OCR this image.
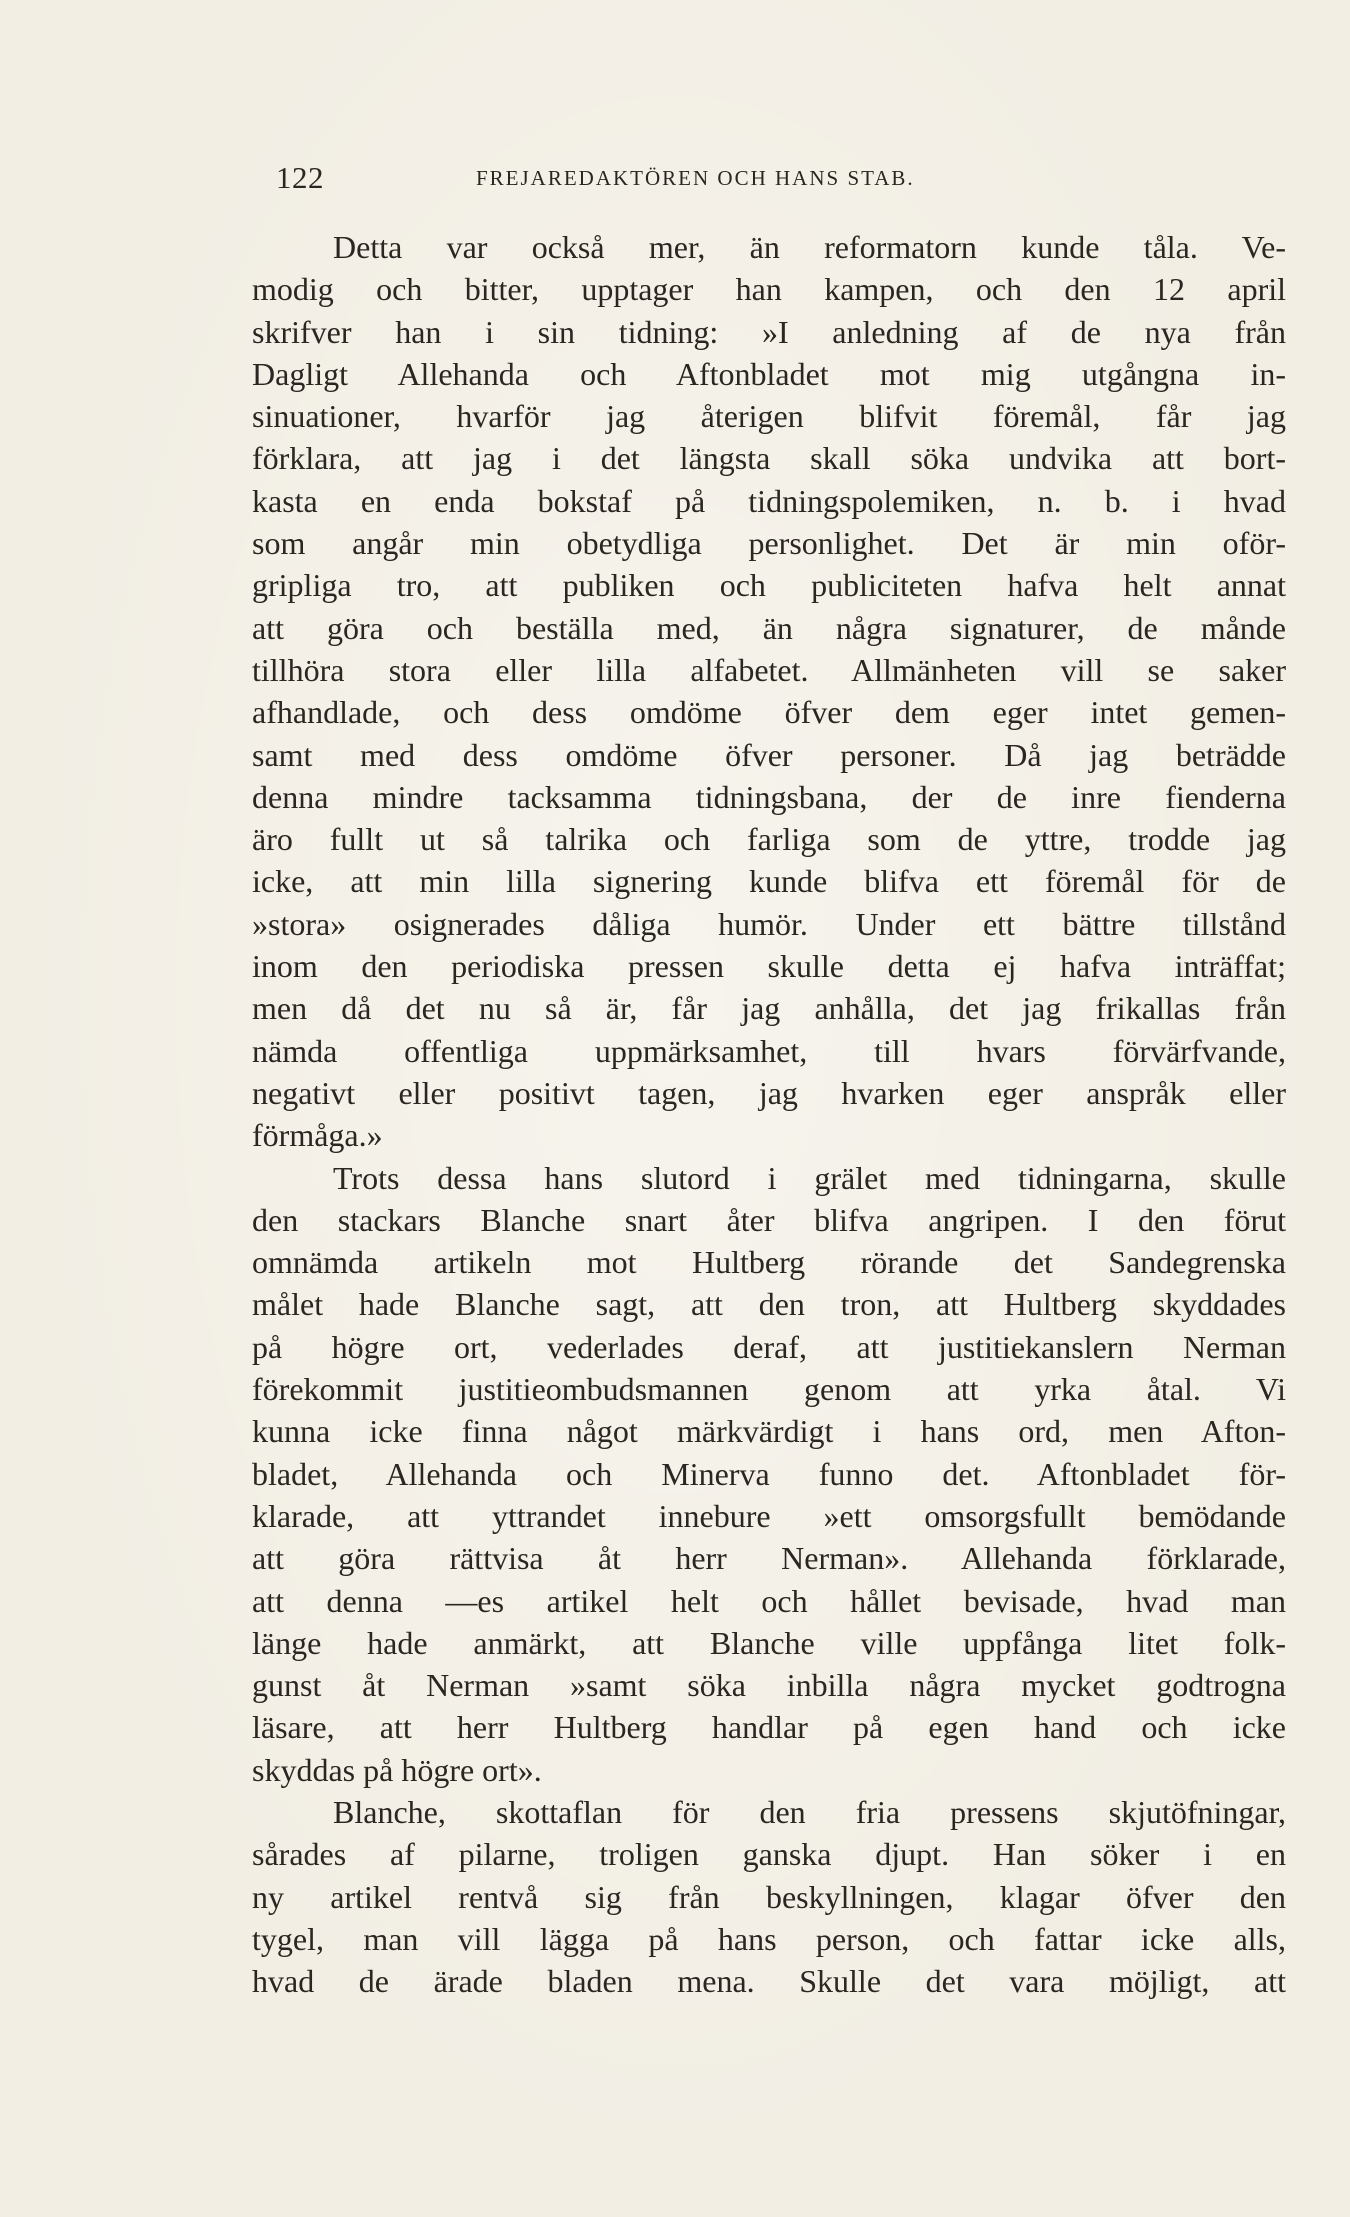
122	FREJAREDAKTÖREN OCH HANS STAB.
Detta var också mer, än reformatorn kunde tåla. Ve-
modig och bitter, upptager han kampen, och den 12 april
skrifver han i sin tidning: »I anledning af de nya från
Dagligt Allehanda och Aftonbladet mot mig utgångna in-
sinuationer, hvarför jag återigen blifvit föremål, får jag
förklara, att jag i det längsta skall söka undvika att bort-
kasta en enda bokstaf på tidningspolemiken, n. b. i hvad
som angår min obetydliga personlighet. Det är min oför-
gripliga tro, att publiken och publiciteten hafva helt annat
att göra och beställa med, än några signaturer, de månde
tillhöra stora eller lilla alfabetet. Allmänheten vill se saker
afhandlade, och dess omdöme öfver dem eger intet gemen-
samt med dess omdöme öfver personer. Då jag beträdde
denna mindre tacksamma tidningsbana, der de inre fienderna
äro fullt ut så talrika och farliga som de yttre, trodde jag
icke, att min lilla signering kunde blifva ett föremål för de
»stora» osignerades dåliga humör. Under ett bättre tillstånd
inom den periodiska pressen skulle detta ej hafva inträffat;
men då det nu så är, får jag anhålla, det jag frikallas från
nämda offentliga uppmärksamhet, till hvars förvärfvande,
negativt eller positivt tagen, jag hvarken eger anspråk eller
förmåga.»
Trots dessa hans slutord i grälet med tidningarna, skulle
den stackars Blanche snart åter blifva angripen. I den förut
omnämda artikeln mot Hultberg rörande det Sandegrenska
målet hade Blanche sagt, att den tron, att Hultberg skyddades
på högre ort, vederlades deraf, att justitiekanslern Nerman
förekommit justitieombudsmannen genom att yrka åtal. Vi
kunna icke finna något märkvärdigt i hans ord, men Afton-
bladet, Allehanda och Minerva funno det. Aftonbladet för-
klarade, att yttrandet innebure »ett omsorgsfullt bemödande
att göra rättvisa åt herr Nerman». Allehanda förklarade,
att denna —es artikel helt och hållet bevisade, hvad man
länge hade anmärkt, att Blanche ville uppfånga litet folk-
gunst åt Nerman »samt söka inbilla några mycket godtrogna
läsare, att herr Hultberg handlar på egen hand och icke
skyddas på högre ort».
Blanche, skottaflan för den fria pressens skjutöfningar,
sårades af pilarne, troligen ganska djupt. Han söker i en
ny artikel rentvå sig från beskyllningen, klagar öfver den
tygel, man vill lägga på hans person, och fattar icke alls,
hvad de ärade bladen mena. Skulle det vara möjligt, att
